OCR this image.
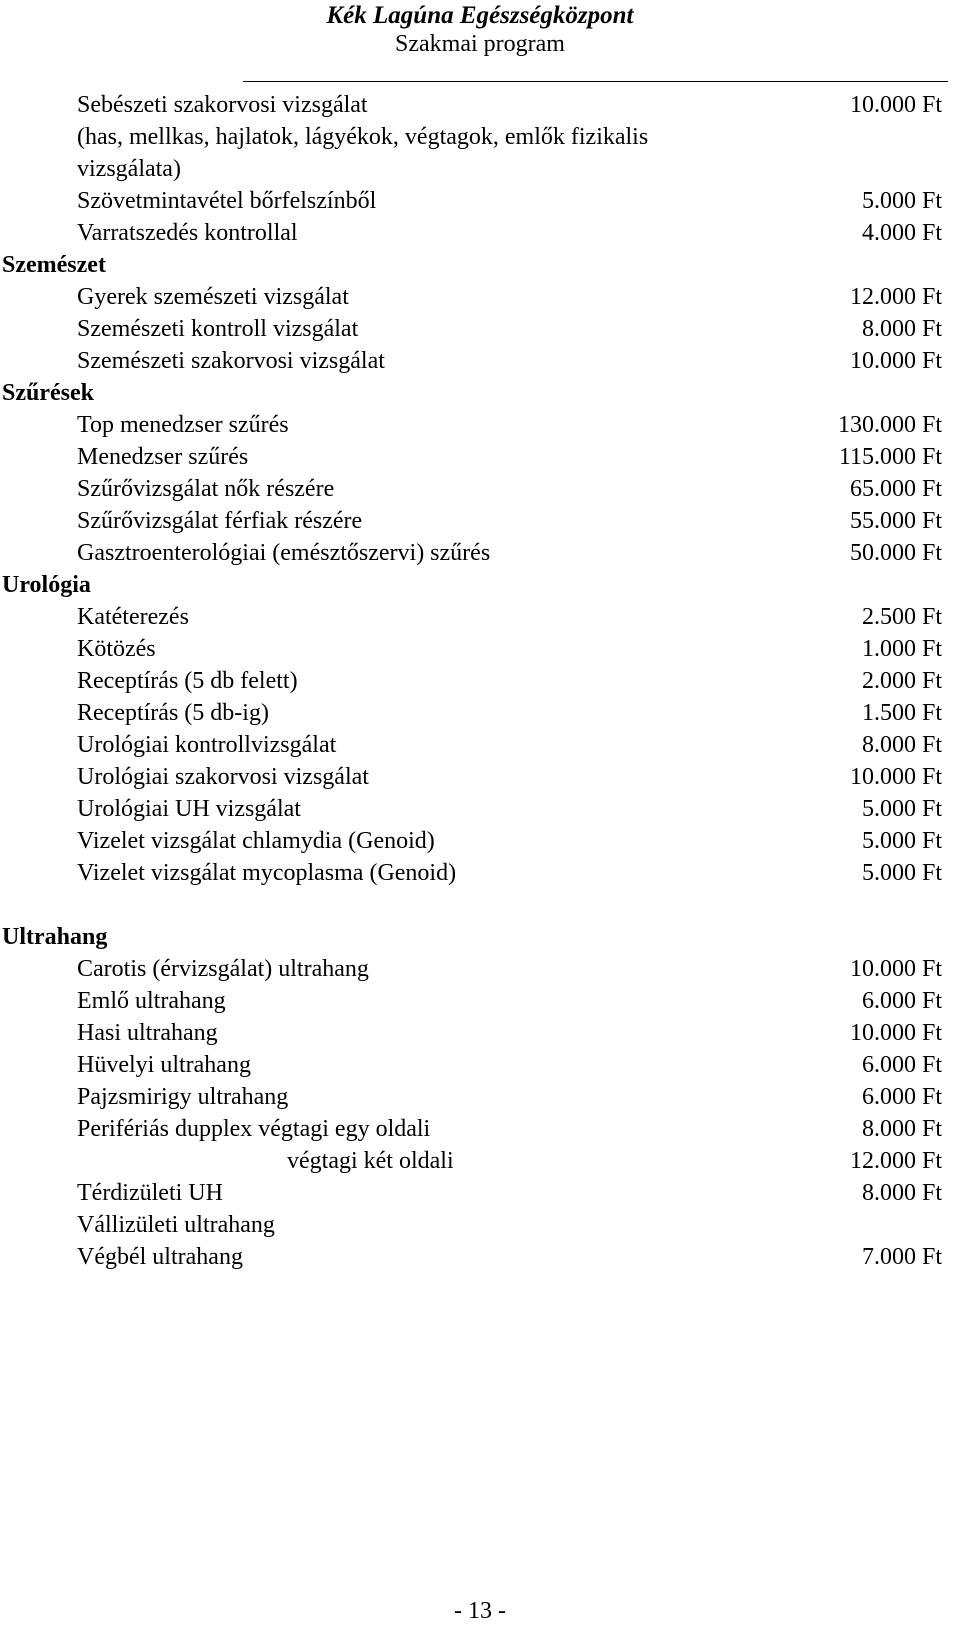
Kék Lagúna Egészségközpont
Szakmai program
Sebészeti szakorvosi vizsgálat	10.000 Ft
(has, mellkas, hajlatok, lágyékok, végtagok, emlők fizikalis
vizsgálata)
Szövetmintavétel bőrfelszínből	5.000 Ft
Varratszedés kontrollal	4.000 Ft
Szemészet
Gyerek szemészeti vizsgálat	12.000 Ft
Szemészeti kontroll vizsgálat	8.000 Ft
Szemészeti szakorvosi vizsgálat	10.000 Ft
Szűrések
Top menedzser szűrés	130.000 Ft
Menedzser szűrés	115.000 Ft
Szűrővizsgálat nők részére	65.000 Ft
Szűrővizsgálat férfiak részére	55.000 Ft
Gasztroenterológiai (emésztőszervi) szűrés	50.000 Ft
Urológia
Katéterezés	2.500 Ft
Kötözés	1.000 Ft
Receptírás (5 db felett)	2.000 Ft
Receptírás (5 db-ig)	1.500 Ft
Urológiai kontrollvizsgálat	8.000 Ft
Urológiai szakorvosi vizsgálat	10.000 Ft
Urológiai UH vizsgálat	5.000 Ft
Vizelet vizsgálat chlamydia (Genoid)	5.000 Ft
Vizelet vizsgálat mycoplasma (Genoid)	5.000 Ft
Ultrahang
Carotis (érvizsgálat) ultrahang	10.000 Ft
Emlő ultrahang	6.000 Ft
Hasi ultrahang	10.000 Ft
Hüvelyi ultrahang	6.000 Ft
Pajzsmirigy ultrahang	6.000 Ft
Perifériás dupplex végtagi egy oldali	8.000 Ft
végtagi két oldali	12.000 Ft
Térdizületi UH	8.000 Ft
Vállizületi ultrahang
Végbél ultrahang	7.000 Ft
- 13 -
